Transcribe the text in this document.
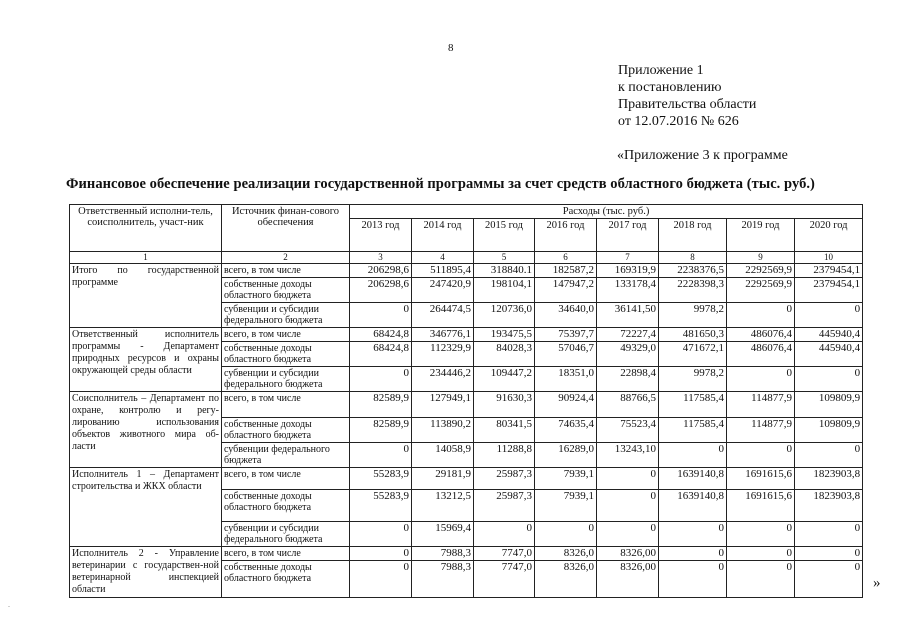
8
Приложение 1
к постановлению
Правительства области
от 12.07.2016 № 626
«Приложение 3 к программе
Финансовое обеспечение реализации государственной программы за счет средств областного бюджета (тыс. руб.)
Ответственный исполни-тель, соисполнитель, участ-ник	Источник финан-сового обеспечения	Расходы (тыс. руб.)							
		2013 год	2014 год	2015 год	2016 год	2017 год	2018 год	2019 год	2020 год
1	2	3	4	5	6	7	8	9	10
Итого по государственной программе	всего, в том числе	206298,6	511895,4	318840.1	182587,2	169319,9	2238376,5	2292569,9	2379454,1
	собственные доходы областного бюджета	206298,6	247420,9	198104,1	147947,2	133178,4	2228398,3	2292569,9	2379454,1
	субвенции и субсидии федерального бюджета	0	264474,5	120736,0	34640,0	36141,50	9978,2	0	0
Ответственный исполнитель программы - Департамент природных ресурсов и охраны окружающей среды области	всего, в том числе	68424,8	346776,1	193475,5	75397,7	72227,4	481650,3	486076,4	445940,4
	собственные доходы областного бюджета	68424,8	112329,9	84028,3	57046,7	49329,0	471672,1	486076,4	445940,4
	субвенции и субсидии федерального бюджета	0	234446,2	109447,2	18351,0	22898,4	9978,2	0	0
Соисполнитель – Департамент по охране, контролю и регу-лированию использования объектов животного мира об-ласти	всего, в том числе	82589,9	127949,1	91630,3	90924,4	88766,5	117585,4	114877,9	109809,9
	собственные доходы областного бюджета	82589,9	113890,2	80341,5	74635,4	75523,4	117585,4	114877,9	109809,9
	субвенции федерального бюджета	0	14058,9	11288,8	16289,0	13243,10	0	0	0
Исполнитель 1 – Департамент строительства и ЖКХ области	всего, в том числе	55283,9	29181,9	25987,3	7939,1	0	1639140,8	1691615,6	1823903,8
	собственные доходы областного бюджета	55283,9	13212,5	25987,3	7939,1	0	1639140,8	1691615,6	1823903,8
	субвенции и субсидии федерального бюджета	0	15969,4	0	0	0	0	0	0
Исполнитель 2 - Управление ветеринарии с государствен-ной ветеринарной инспекцией области	всего, в том числе	0	7988,3	7747,0	8326,0	8326,00	0	0	0
	собственные доходы областного бюджета	0	7988,3	7747,0	8326,0	8326,00	0	0	0
»
.
